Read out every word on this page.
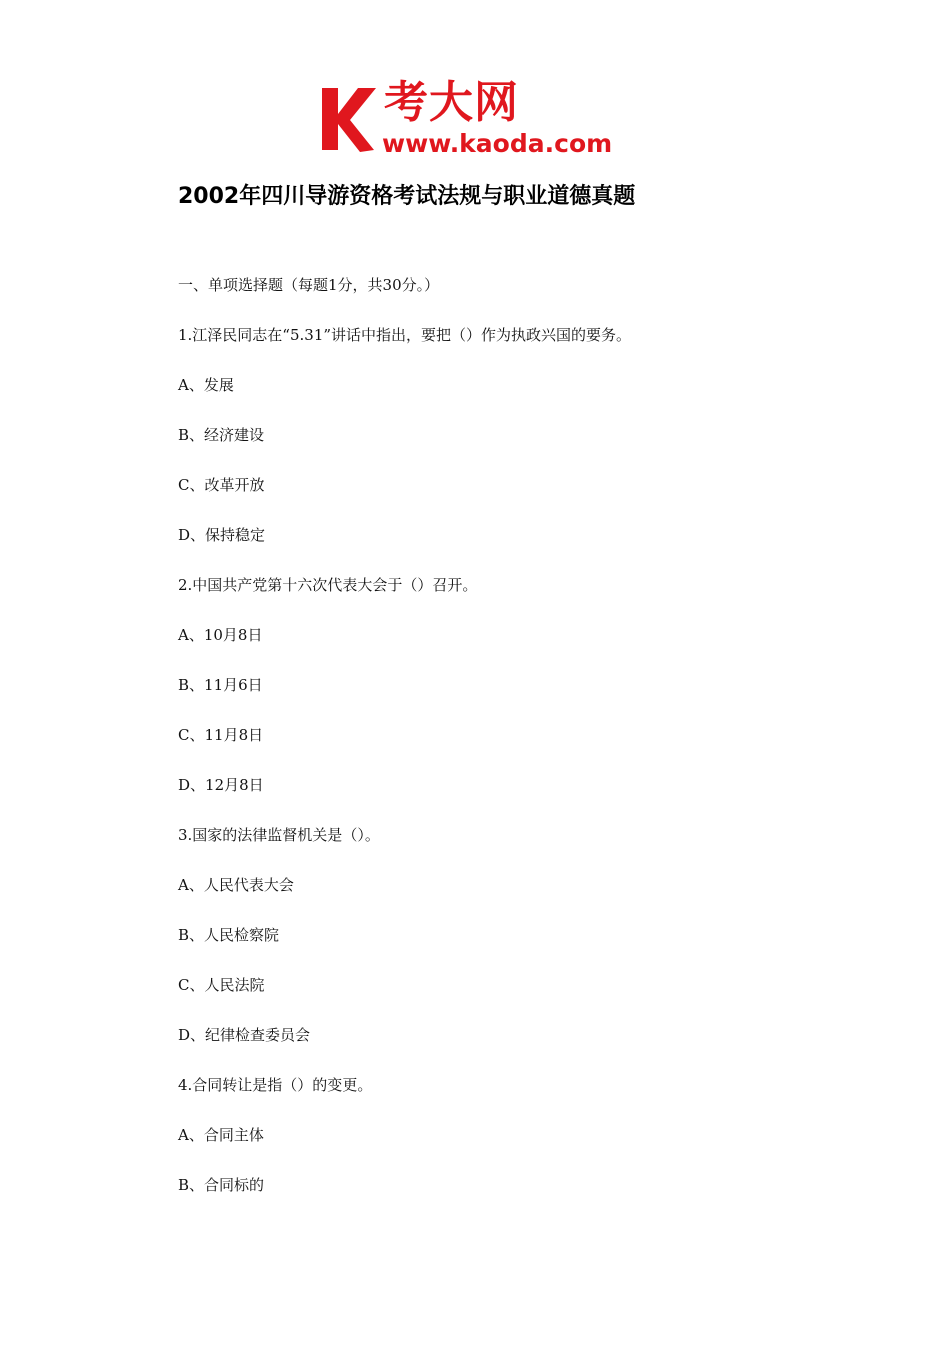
考大网
www.kaoda.com
2002年四川导游资格考试法规与职业道德真题
一、单项选择题（每题1分，共30分。）
1.江泽民同志在“5.31”讲话中指出，要把（）作为执政兴国的要务。
A、发展
B、经济建设
C、改革开放
D、保持稳定
2.中国共产党第十六次代表大会于（）召开。
A、10月8日
B、11月6日
C、11月8日
D、12月8日
3.国家的法律监督机关是（）。
A、人民代表大会
B、人民检察院
C、人民法院
D、纪律检查委员会
4.合同转让是指（）的变更。
A、合同主体
B、合同标的
